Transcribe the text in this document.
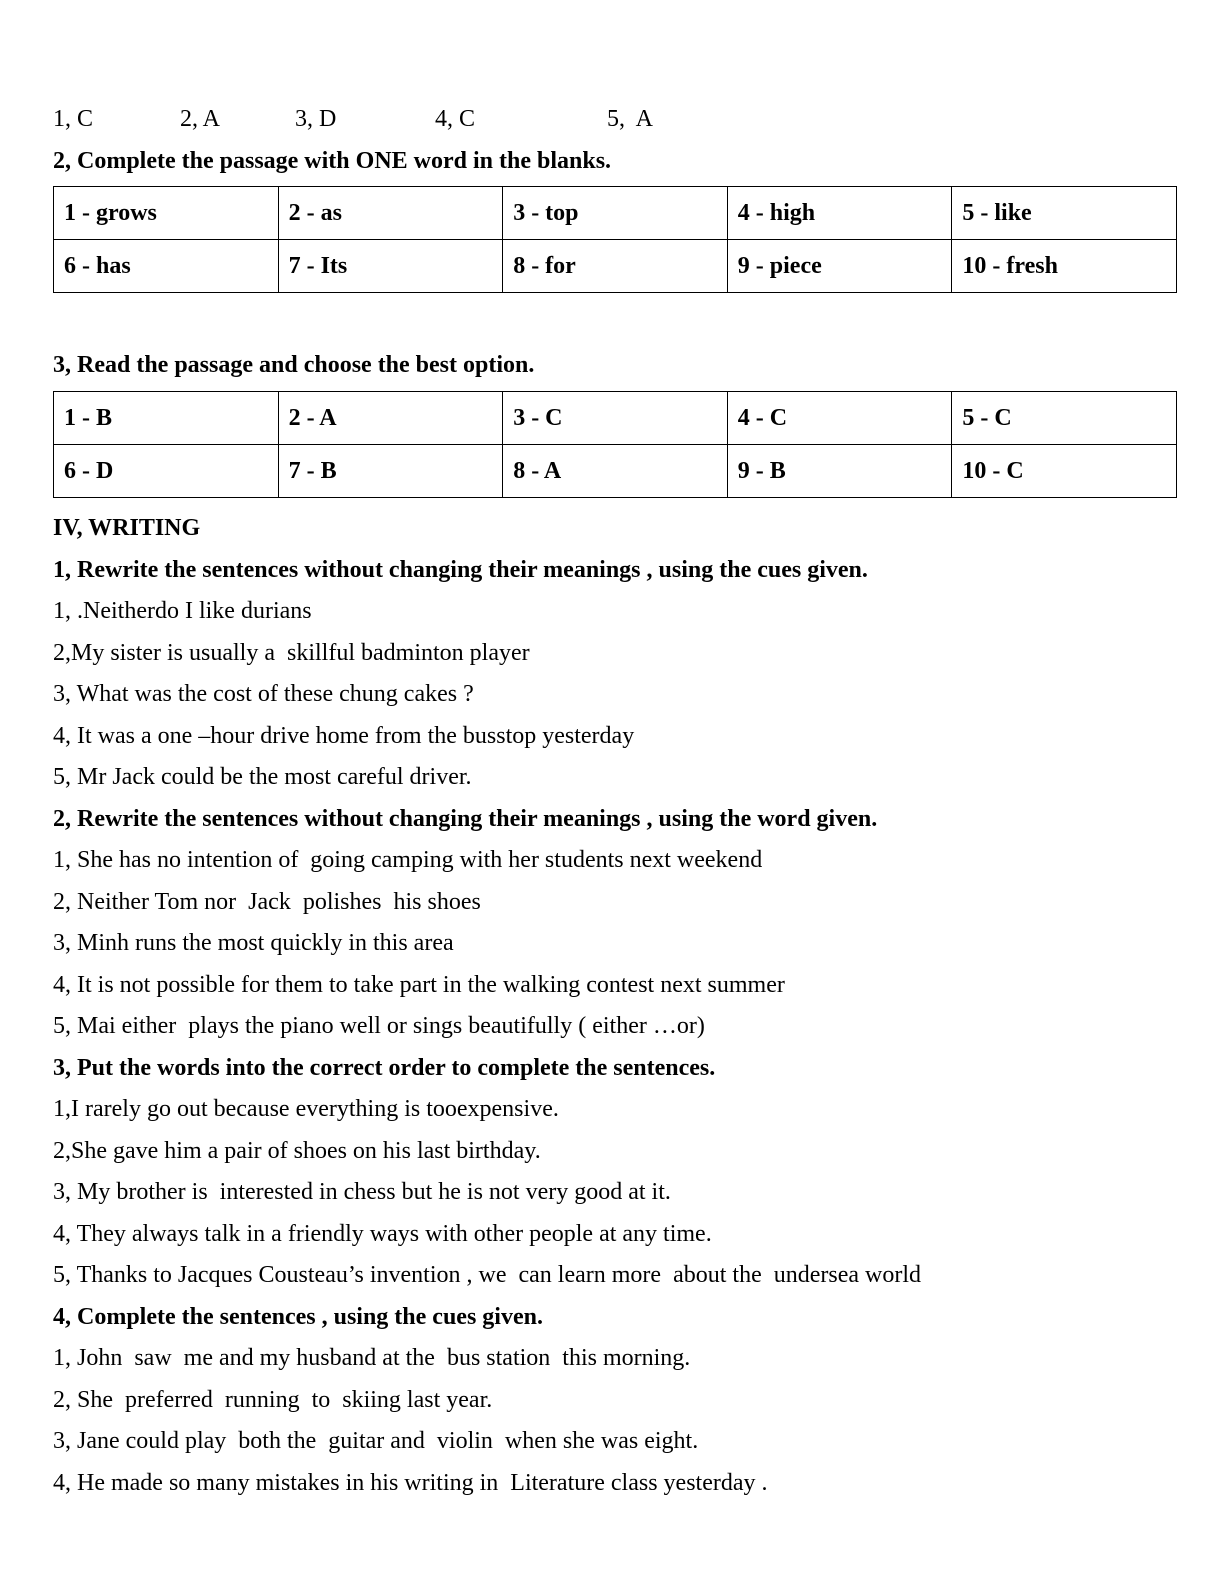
1, C	2, A	3, D	4, C	5,  A
2, Complete the passage with ONE word in the blanks.
1 - grows	2 - as	3 - top	4 - high	5 - like
6 - has	7 - Its	8 - for	9 - piece	10 - fresh
3, Read the passage and choose the best option.
1 - B	2 - A	3 - C	4 - C	5 - C
6 - D	7 - B	8 - A	9 - B	10 - C
IV, WRITING
1, Rewrite the sentences without changing their meanings , using the cues given.
1, .Neitherdo I like durians
2,My sister is usually a  skillful badminton player
3, What was the cost of these chung cakes ?
4, It was a one –hour drive home from the busstop yesterday
5, Mr Jack could be the most careful driver.
2, Rewrite the sentences without changing their meanings , using the word given.
1, She has no intention of  going camping with her students next weekend
2, Neither Tom nor  Jack  polishes  his shoes
3, Minh runs the most quickly in this area
4, It is not possible for them to take part in the walking contest next summer
5, Mai either  plays the piano well or sings beautifully ( either …or)
3, Put the words into the correct order to complete the sentences.
1,I rarely go out because everything is tooexpensive.
2,She gave him a pair of shoes on his last birthday.
3, My brother is  interested in chess but he is not very good at it.
4, They always talk in a friendly ways with other people at any time.
5, Thanks to Jacques Cousteau’s invention , we  can learn more  about the  undersea world
4, Complete the sentences , using the cues given.
1, John  saw  me and my husband at the  bus station  this morning.
2, She  preferred  running  to  skiing last year.
3, Jane could play  both the  guitar and  violin  when she was eight.
4, He made so many mistakes in his writing in  Literature class yesterday .
